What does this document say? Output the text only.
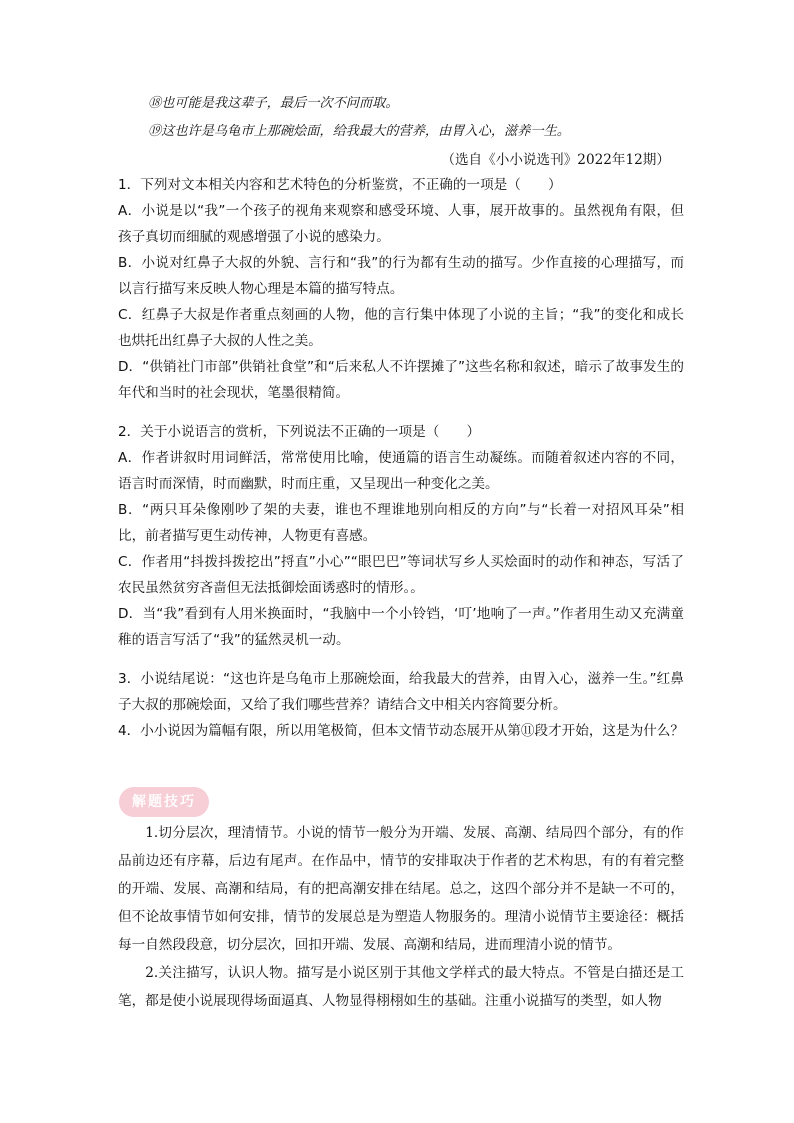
⑱也可能是我这辈子，最后一次不问而取。
⑲这也许是乌龟市上那碗烩面，给我最大的营养，由胃入心，滋养一生。
（选自《小小说选刊》2022年12期）

1．下列对文本相关内容和艺术特色的分析鉴赏，不正确的一项是（　　）

A．小说是以“我”一个孩子的视角来观察和感受环境、人事，展开故事的。虽然视角有限，但孩子真切而细腻的观感增强了小说的感染力。

B．小说对红鼻子大叔的外貌、言行和“我”的行为都有生动的描写。少作直接的心理描写，而以言行描写来反映人物心理是本篇的描写特点。

C．红鼻子大叔是作者重点刻画的人物，他的言行集中体现了小说的主旨；“我”的变化和成长也烘托出红鼻子大叔的人性之美。

D．“供销社门市部”供销社食堂”和“后来私人不许摆摊了”这些名称和叙述，暗示了故事发生的年代和当时的社会现状，笔墨很精简。

2．关于小说语言的赏析，下列说法不正确的一项是（　　）

A．作者讲叙时用词鲜活，常常使用比喻，使通篇的语言生动凝练。而随着叙述内容的不同，语言时而深情，时而幽默，时而庄重，又呈现出一种变化之美。

B．“两只耳朵像刚吵了架的夫妻，谁也不理谁地别向相反的方向”与“长着一对招风耳朵”相比，前者描写更生动传神，人物更有喜感。

C．作者用“抖拨抖拨挖出”捋直”小心”“眼巴巴”等词状写乡人买烩面时的动作和神态，写活了农民虽然贫穷吝啬但无法抵御烩面诱惑时的情形。。

D．当“我”看到有人用米换面时，“我脑中一个小铃铛，‘叮’地响了一声。”作者用生动又充满童稚的语言写活了“我”的猛然灵机一动。

3．小说结尾说：“这也许是乌龟市上那碗烩面，给我最大的营养，由胃入心，滋养一生。”红鼻子大叔的那碗烩面，又给了我们哪些营养？请结合文中相关内容简要分析。

4．小小说因为篇幅有限，所以用笔极简，但本文情节动态展开从第⑪段才开始，这是为什么？

解题技巧

1.切分层次，理清情节。小说的情节一般分为开端、发展、高潮、结局四个部分，有的作品前边还有序幕，后边有尾声。在作品中，情节的安排取决于作者的艺术构思，有的有着完整的开端、发展、高潮和结局，有的把高潮安排在结尾。总之，这四个部分并不是缺一不可的，但不论故事情节如何安排，情节的发展总是为塑造人物服务的。理清小说情节主要途径：概括每一自然段段意，切分层次，回扣开端、发展、高潮和结局，进而理清小说的情节。

2.关注描写，认识人物。描写是小说区别于其他文学样式的最大特点。不管是白描还是工笔，都是使小说展现得场面逼真、人物显得栩栩如生的基础。注重小说描写的类型，如人物
